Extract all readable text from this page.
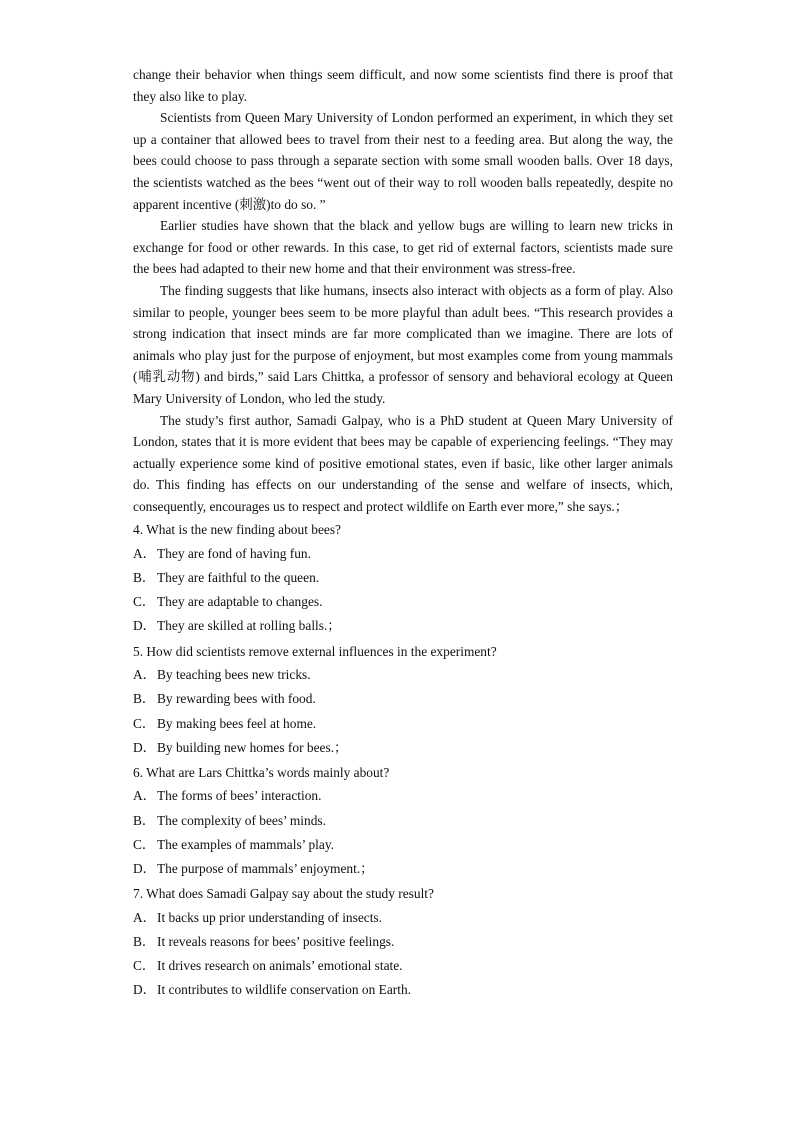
change their behavior when things seem difficult, and now some scientists find there is proof that they also like to play.

Scientists from Queen Mary University of London performed an experiment, in which they set up a container that allowed bees to travel from their nest to a feeding area. But along the way, the bees could choose to pass through a separate section with some small wooden balls. Over 18 days, the scientists watched as the bees “went out of their way to roll wooden balls repeatedly, despite no apparent incentive (刺激)to do so. ”

Earlier studies have shown that the black and yellow bugs are willing to learn new tricks in exchange for food or other rewards. In this case, to get rid of external factors, scientists made sure the bees had adapted to their new home and that their environment was stress-free.

The finding suggests that like humans, insects also interact with objects as a form of play. Also similar to people, younger bees seem to be more playful than adult bees. “This research provides a strong indication that insect minds are far more complicated than we imagine. There are lots of animals who play just for the purpose of enjoyment, but most examples come from young mammals (哺乳动物) and birds,” said Lars Chittka, a professor of sensory and behavioral ecology at Queen Mary University of London, who led the study.

The study’s first author, Samadi Galpay, who is a PhD student at Queen Mary University of London, states that it is more evident that bees may be capable of experiencing feelings. “They may actually experience some kind of positive emotional states, even if basic, like other larger animals do. This finding has effects on our understanding of the sense and welfare of insects, which, consequently, encourages us to respect and protect wildlife on Earth ever more,” she says.；

4. What is the new finding about bees?

A．They are fond of having fun.
B． They are faithful to the queen.
C． They are adaptable to changes.
D．They are skilled at rolling balls.；

5. How did scientists remove external influences in the experiment?

A．By teaching bees new tricks.
B． By rewarding bees with food.
C． By making bees feel at home.
D．By building new homes for bees.；

6. What are Lars Chittka’s words mainly about?

A．The forms of bees’ interaction.
B． The complexity of bees’ minds.
C． The examples of mammals’ play.
D．The purpose of mammals’ enjoyment.；

7. What does Samadi Galpay say about the study result?

A．It backs up prior understanding of insects.
B． It reveals reasons for bees’ positive feelings.
C． It drives research on animals’ emotional state.
D．It contributes to wildlife conservation on Earth.
